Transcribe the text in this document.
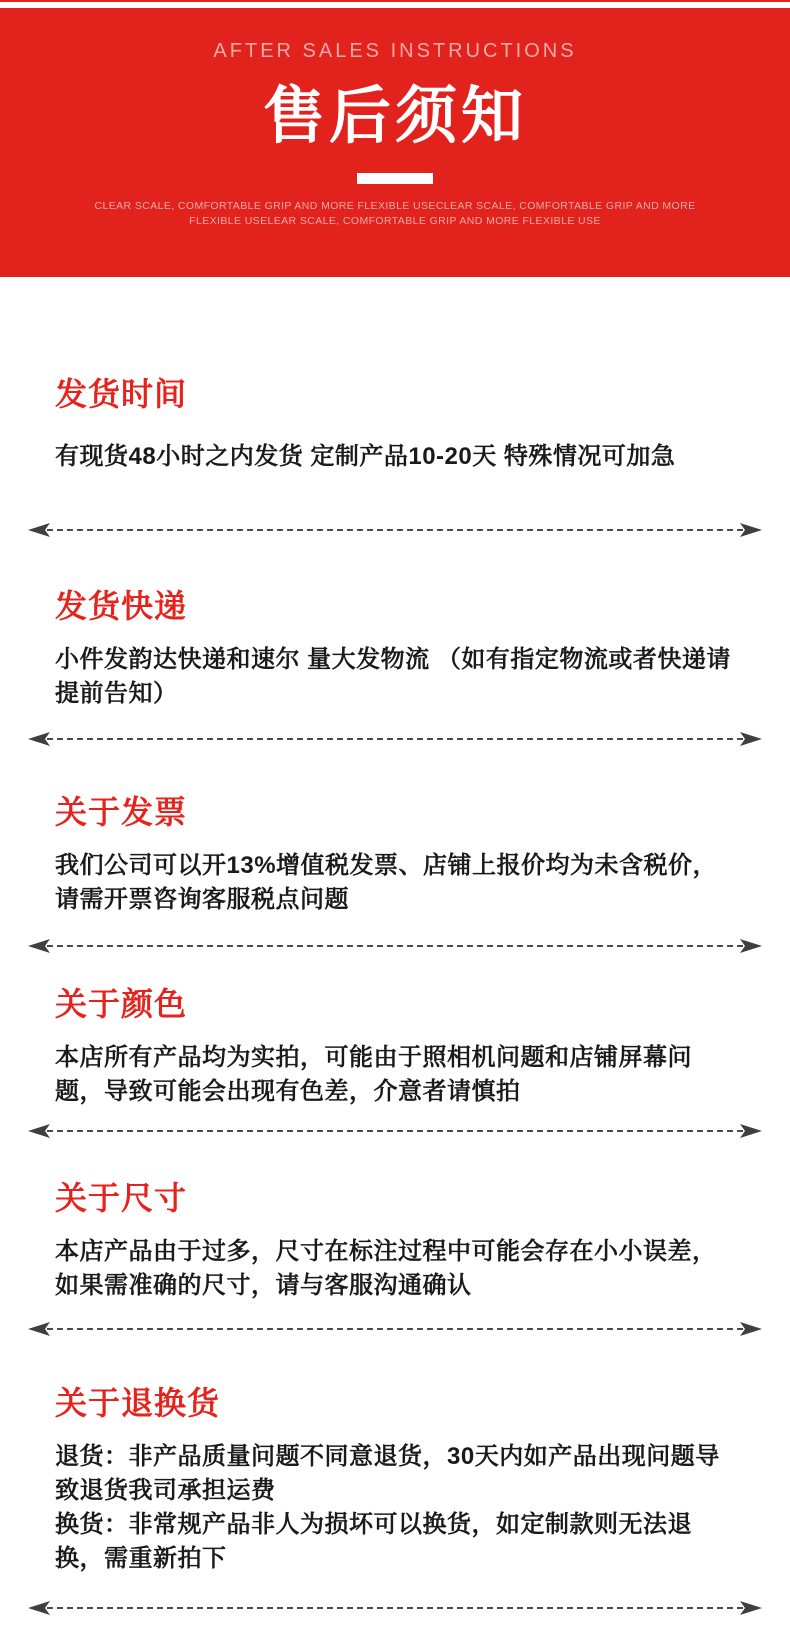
AFTER SALES INSTRUCTIONS
售后须知
CLEAR SCALE, COMFORTABLE GRIP AND MORE FLEXIBLE USECLEAR SCALE, COMFORTABLE GRIP AND MORE
FLEXIBLE USELEAR SCALE, COMFORTABLE GRIP AND MORE FLEXIBLE USE
发货时间

有现货48小时之内发货 定制产品10-20天 特殊情况可加急

发货快递

小件发韵达快递和速尔 量大发物流 （如有指定物流或者快递请提前告知）

关于发票

我们公司可以开13%增值税发票、店铺上报价均为未含税价，请需开票咨询客服税点问题

关于颜色

本店所有产品均为实拍，可能由于照相机问题和店铺屏幕问题，导致可能会出现有色差，介意者请慎拍

关于尺寸

本店产品由于过多，尺寸在标注过程中可能会存在小小误差，如果需准确的尺寸，请与客服沟通确认

关于退换货

退货：非产品质量问题不同意退货，30天内如产品出现问题导致退货我司承担运费

换货：非常规产品非人为损坏可以换货，如定制款则无法退换，需重新拍下
